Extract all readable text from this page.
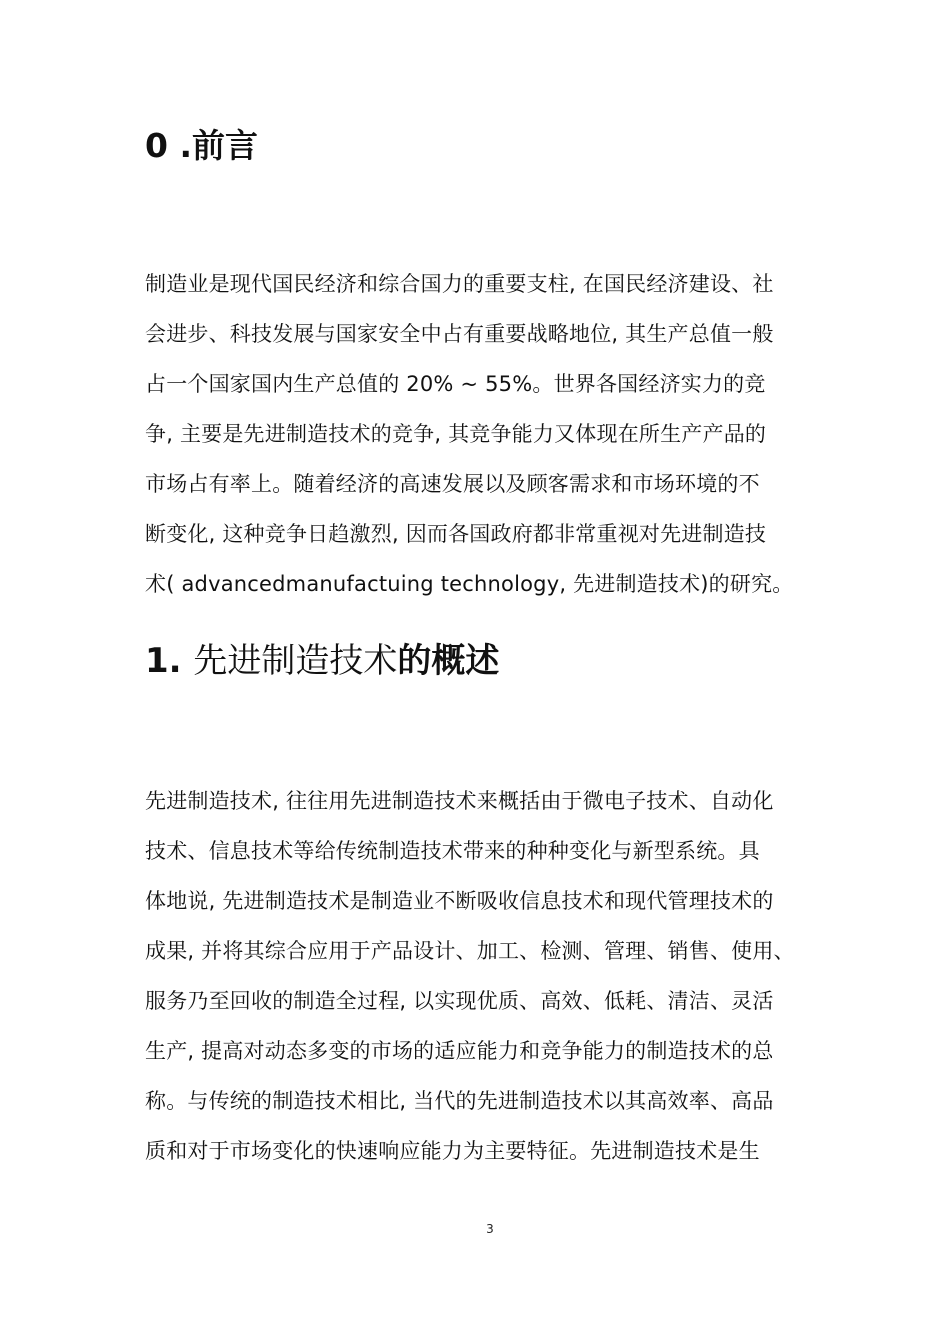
0 .前言
制造业是现代国民经济和综合国力的重要支柱, 在国民经济建设、社
会进步、科技发展与国家安全中占有重要战略地位, 其生产总值一般
占一个国家国内生产总值的 20% ~ 55%。世界各国经济实力的竞
争, 主要是先进制造技术的竞争, 其竞争能力又体现在所生产产品的
市场占有率上。随着经济的高速发展以及顾客需求和市场环境的不
断变化, 这种竞争日趋激烈, 因而各国政府都非常重视对先进制造技
术( advancedmanufactuing technology, 先进制造技术)的研究。
1. 先进制造技术的概述
先进制造技术, 往往用先进制造技术来概括由于微电子技术、自动化
技术、信息技术等给传统制造技术带来的种种变化与新型系统。具
体地说, 先进制造技术是制造业不断吸收信息技术和现代管理技术的
成果, 并将其综合应用于产品设计、加工、检测、管理、销售、使用、
服务乃至回收的制造全过程, 以实现优质、高效、低耗、清洁、灵活
生产, 提高对动态多变的市场的适应能力和竞争能力的制造技术的总
称。与传统的制造技术相比, 当代的先进制造技术以其高效率、高品
质和对于市场变化的快速响应能力为主要特征。先进制造技术是生
3
